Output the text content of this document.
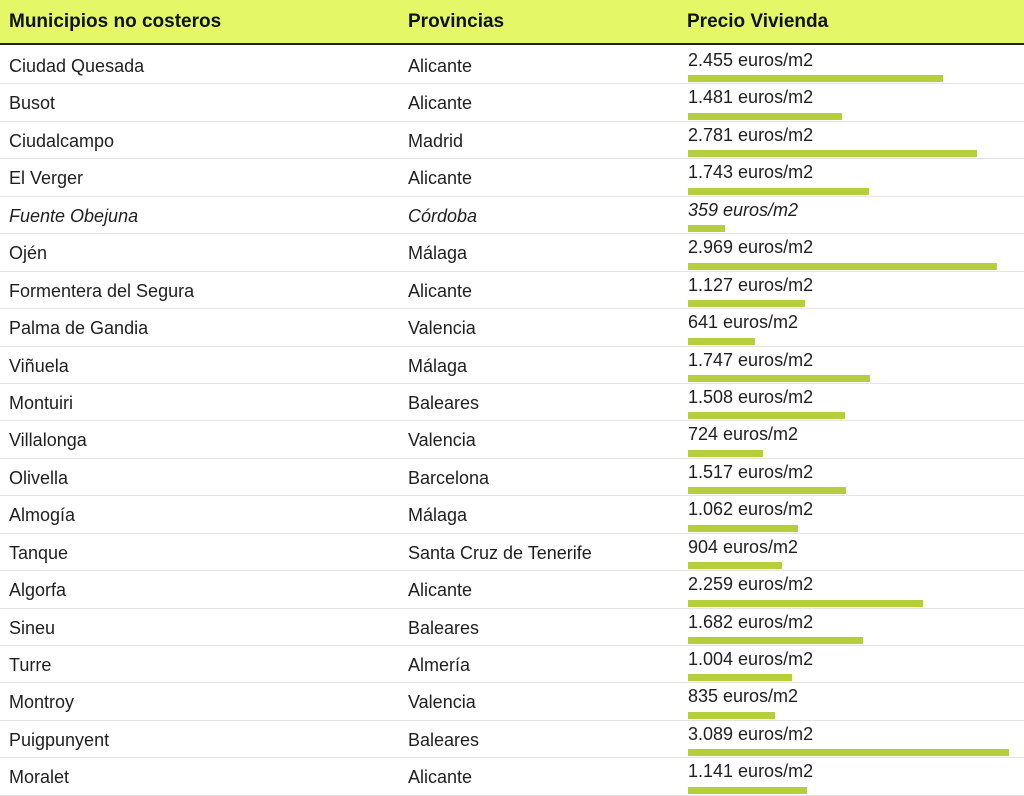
Municipios no costeros	Provincias	Precio Vivienda
Ciudad Quesada	Alicante	2.455 euros/m2
Busot	Alicante	1.481 euros/m2
Ciudalcampo	Madrid	2.781 euros/m2
El Verger	Alicante	1.743 euros/m2
Fuente Obejuna	Córdoba	359 euros/m2
Ojén	Málaga	2.969 euros/m2
Formentera del Segura	Alicante	1.127 euros/m2
Palma de Gandia	Valencia	641 euros/m2
Viñuela	Málaga	1.747 euros/m2
Montuiri	Baleares	1.508 euros/m2
Villalonga	Valencia	724 euros/m2
Olivella	Barcelona	1.517 euros/m2
Almogía	Málaga	1.062 euros/m2
Tanque	Santa Cruz de Tenerife	904 euros/m2
Algorfa	Alicante	2.259 euros/m2
Sineu	Baleares	1.682 euros/m2
Turre	Almería	1.004 euros/m2
Montroy	Valencia	835 euros/m2
Puigpunyent	Baleares	3.089 euros/m2
Moralet	Alicante	1.141 euros/m2
